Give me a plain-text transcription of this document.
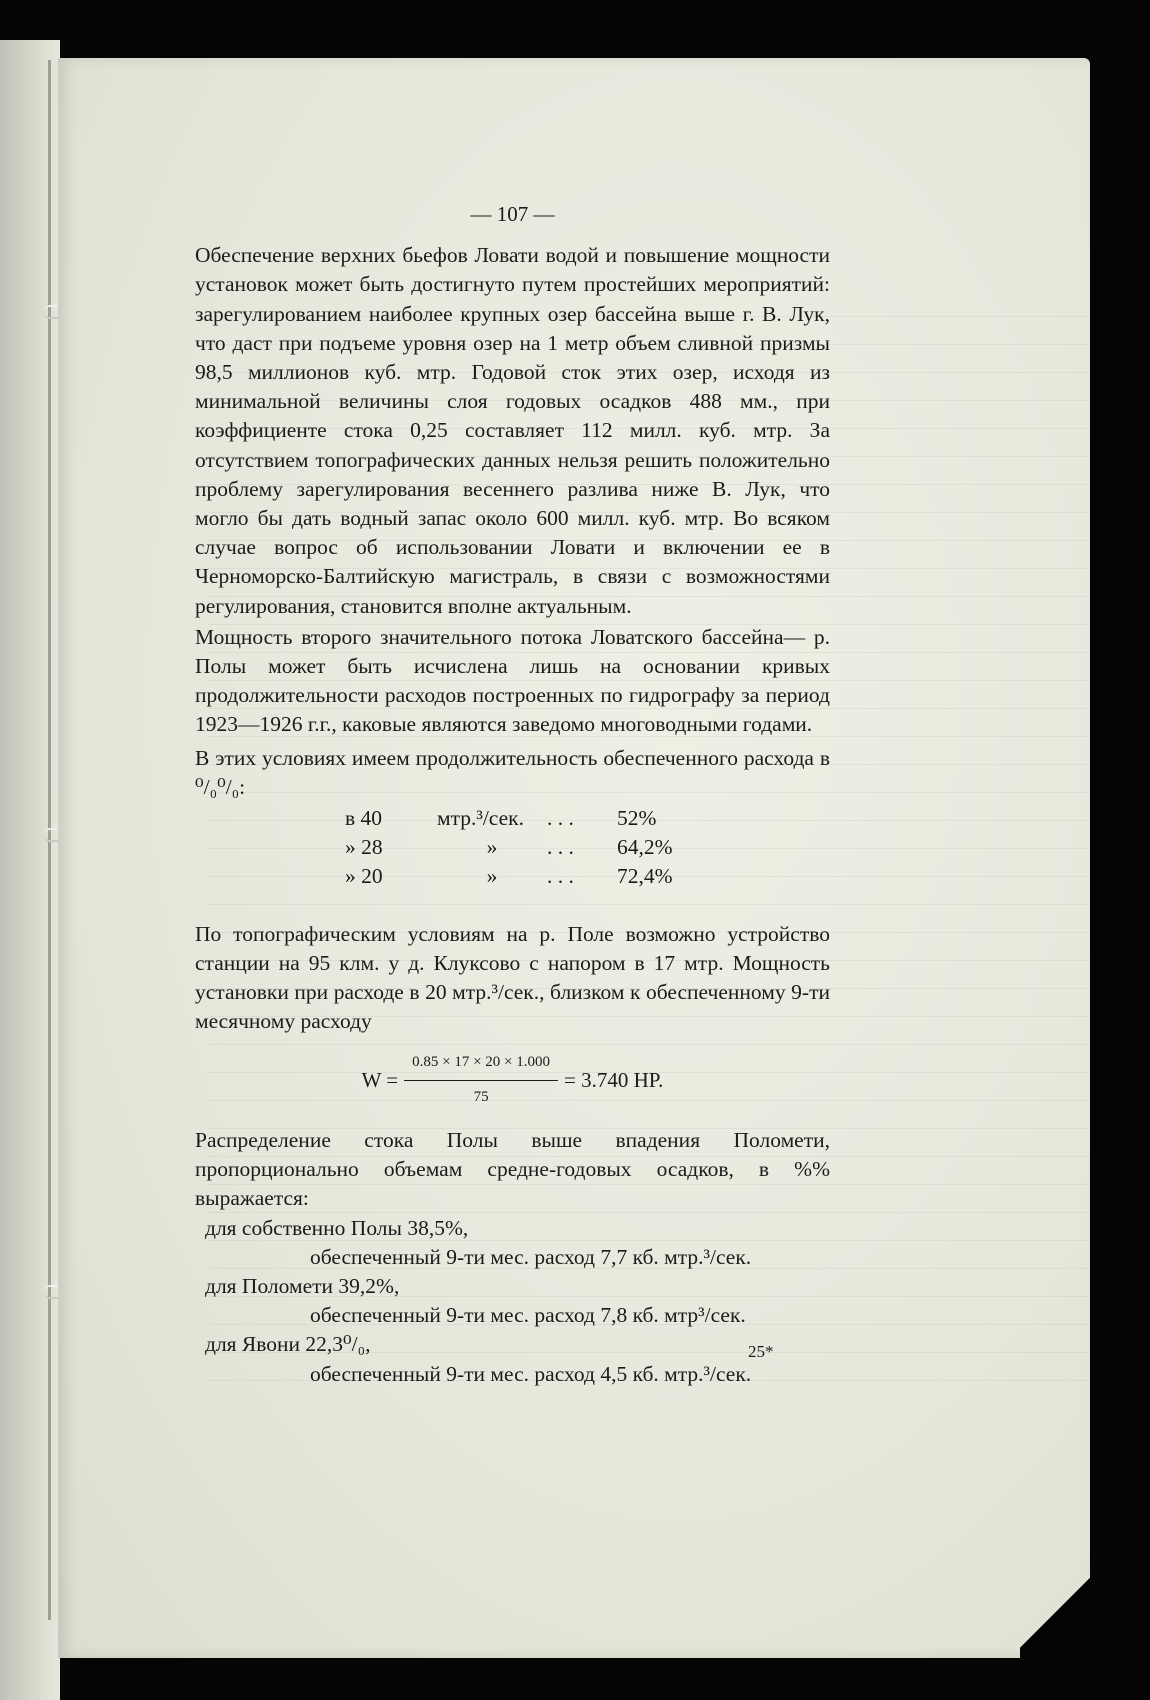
— 107 —

Обеспечение верхних бьефов Ловати водой и повышение мощности установок может быть достигнуто путем простейших мероприятий: зарегулированием наиболее крупных озер бассейна выше г. В. Лук, что даст при подъеме уровня озер на 1 метр объем сливной призмы 98,5 миллионов куб. мтр. Годовой сток этих озер, исходя из минимальной величины слоя годовых осадков 488 мм., при коэффициенте стока 0,25 составляет 112 милл. куб. мтр. За отсутствием топографических данных нельзя решить положительно проблему зарегулирования весеннего разлива ниже В. Лук, что могло бы дать водный запас около 600 милл. куб. мтр. Во всяком случае вопрос об использовании Ловати и включении ее в Черноморско-Балтийскую магистраль, в связи с возможностями регулирования, становится вполне актуальным.

Мощность второго значительного потока Ловатского бассейна— р. Полы может быть исчислена лишь на основании кривых продолжительности расходов построенных по гидрографу за период 1923—1926 г.г., каковые являются заведомо многоводными годами.

В этих условиях имеем продолжительность обеспеченного расхода в ⁰/₀⁰/₀:

в 40	мтр.³/сек.	. . .	52%
» 28	»	. . .	64,2%
» 20	»	. . .	72,4%

По топографическим условиям на р. Поле возможно устройство станции на 95 клм. у д. Клуксово с напором в 17 мтр. Мощность установки при расходе в 20 мтр.³/сек., близком к обеспеченному 9-ти месячному расходу

$W = \frac{0.85 \times 17 \times 20 \times 1.000}{75} = 3.740$ HP.

Распределение стока Полы выше впадения Поломети, пропорционально объемам средне-годовых осадков, в %% выражается:

для собственно Полы 38,5%,
обеспеченный 9-ти мес. расход 7,7 кб. мтр.³/сек.
для Поломети 39,2%,
обеспеченный 9-ти мес. расход 7,8 кб. мтр³/сек.
для Явони 22,3⁰/₀,
обеспеченный 9-ти мес. расход 4,5 кб. мтр.³/сек.
25*
